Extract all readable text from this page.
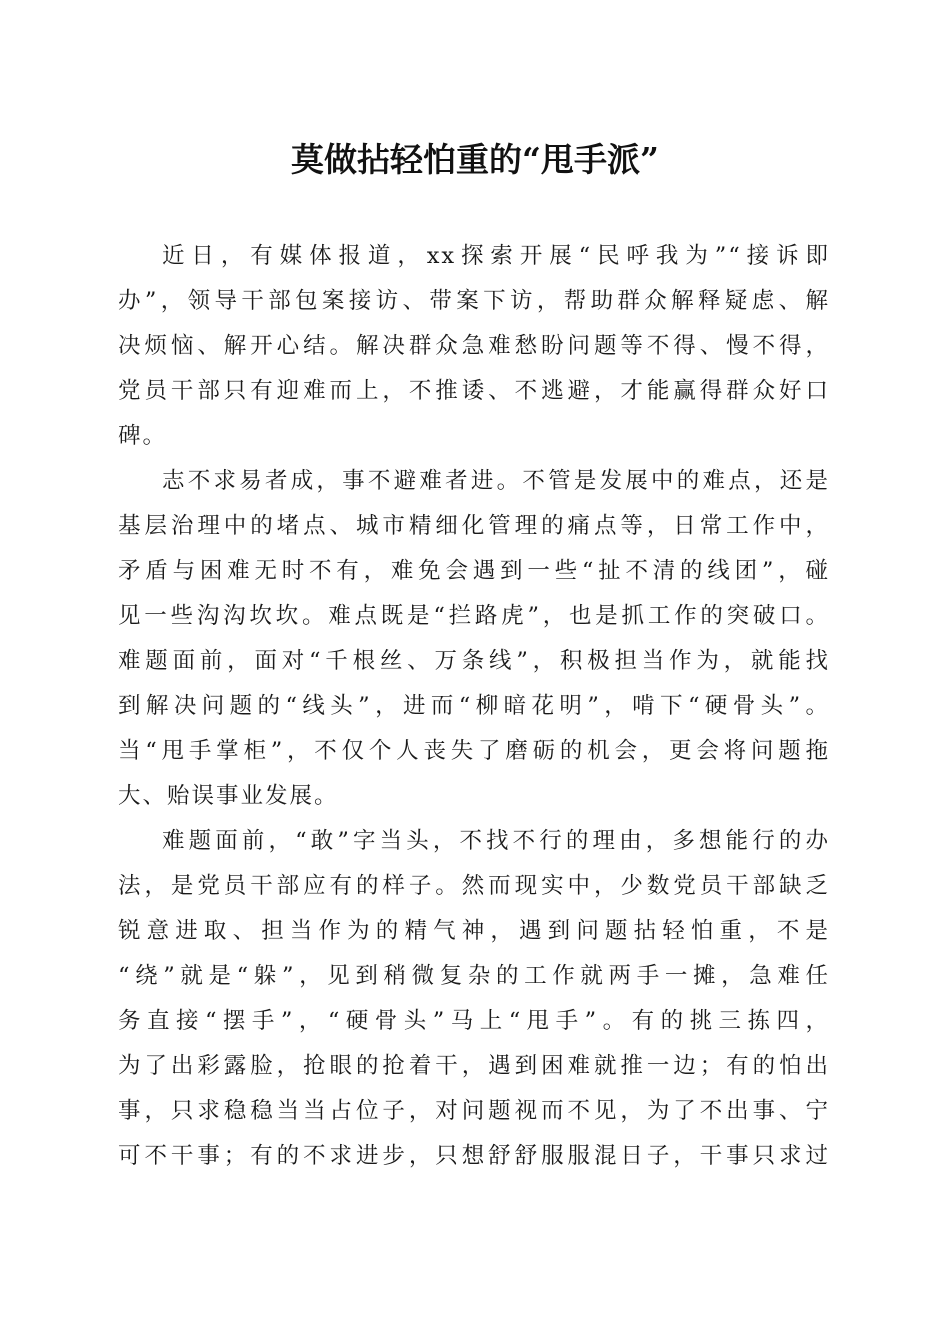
莫做拈轻怕重的“甩手派”
近日，有媒体报道，xx探索开展“民呼我为”“接诉即
办”，领导干部包案接访、带案下访，帮助群众解释疑虑、解
决烦恼、解开心结。解决群众急难愁盼问题等不得、慢不得，
党员干部只有迎难而上，不推诿、不逃避，才能赢得群众好口
碑。
志不求易者成，事不避难者进。不管是发展中的难点，还是
基层治理中的堵点、城市精细化管理的痛点等，日常工作中，
矛盾与困难无时不有，难免会遇到一些“扯不清的线团”，碰
见一些沟沟坎坎。难点既是“拦路虎”，也是抓工作的突破口。
难题面前，面对“千根丝、万条线”，积极担当作为，就能找
到解决问题的“线头”，进而“柳暗花明”，啃下“硬骨头”。
当“甩手掌柜”，不仅个人丧失了磨砺的机会，更会将问题拖
大、贻误事业发展。
难题面前，“敢”字当头，不找不行的理由，多想能行的办
法，是党员干部应有的样子。然而现实中，少数党员干部缺乏
锐意进取、担当作为的精气神，遇到问题拈轻怕重，不是
“绕”就是“躲”，见到稍微复杂的工作就两手一摊，急难任
务直接“摆手”，“硬骨头”马上“甩手”。有的挑三拣四，
为了出彩露脸，抢眼的抢着干，遇到困难就推一边；有的怕出
事，只求稳稳当当占位子，对问题视而不见，为了不出事、宁
可不干事；有的不求进步，只想舒舒服服混日子，干事只求过
